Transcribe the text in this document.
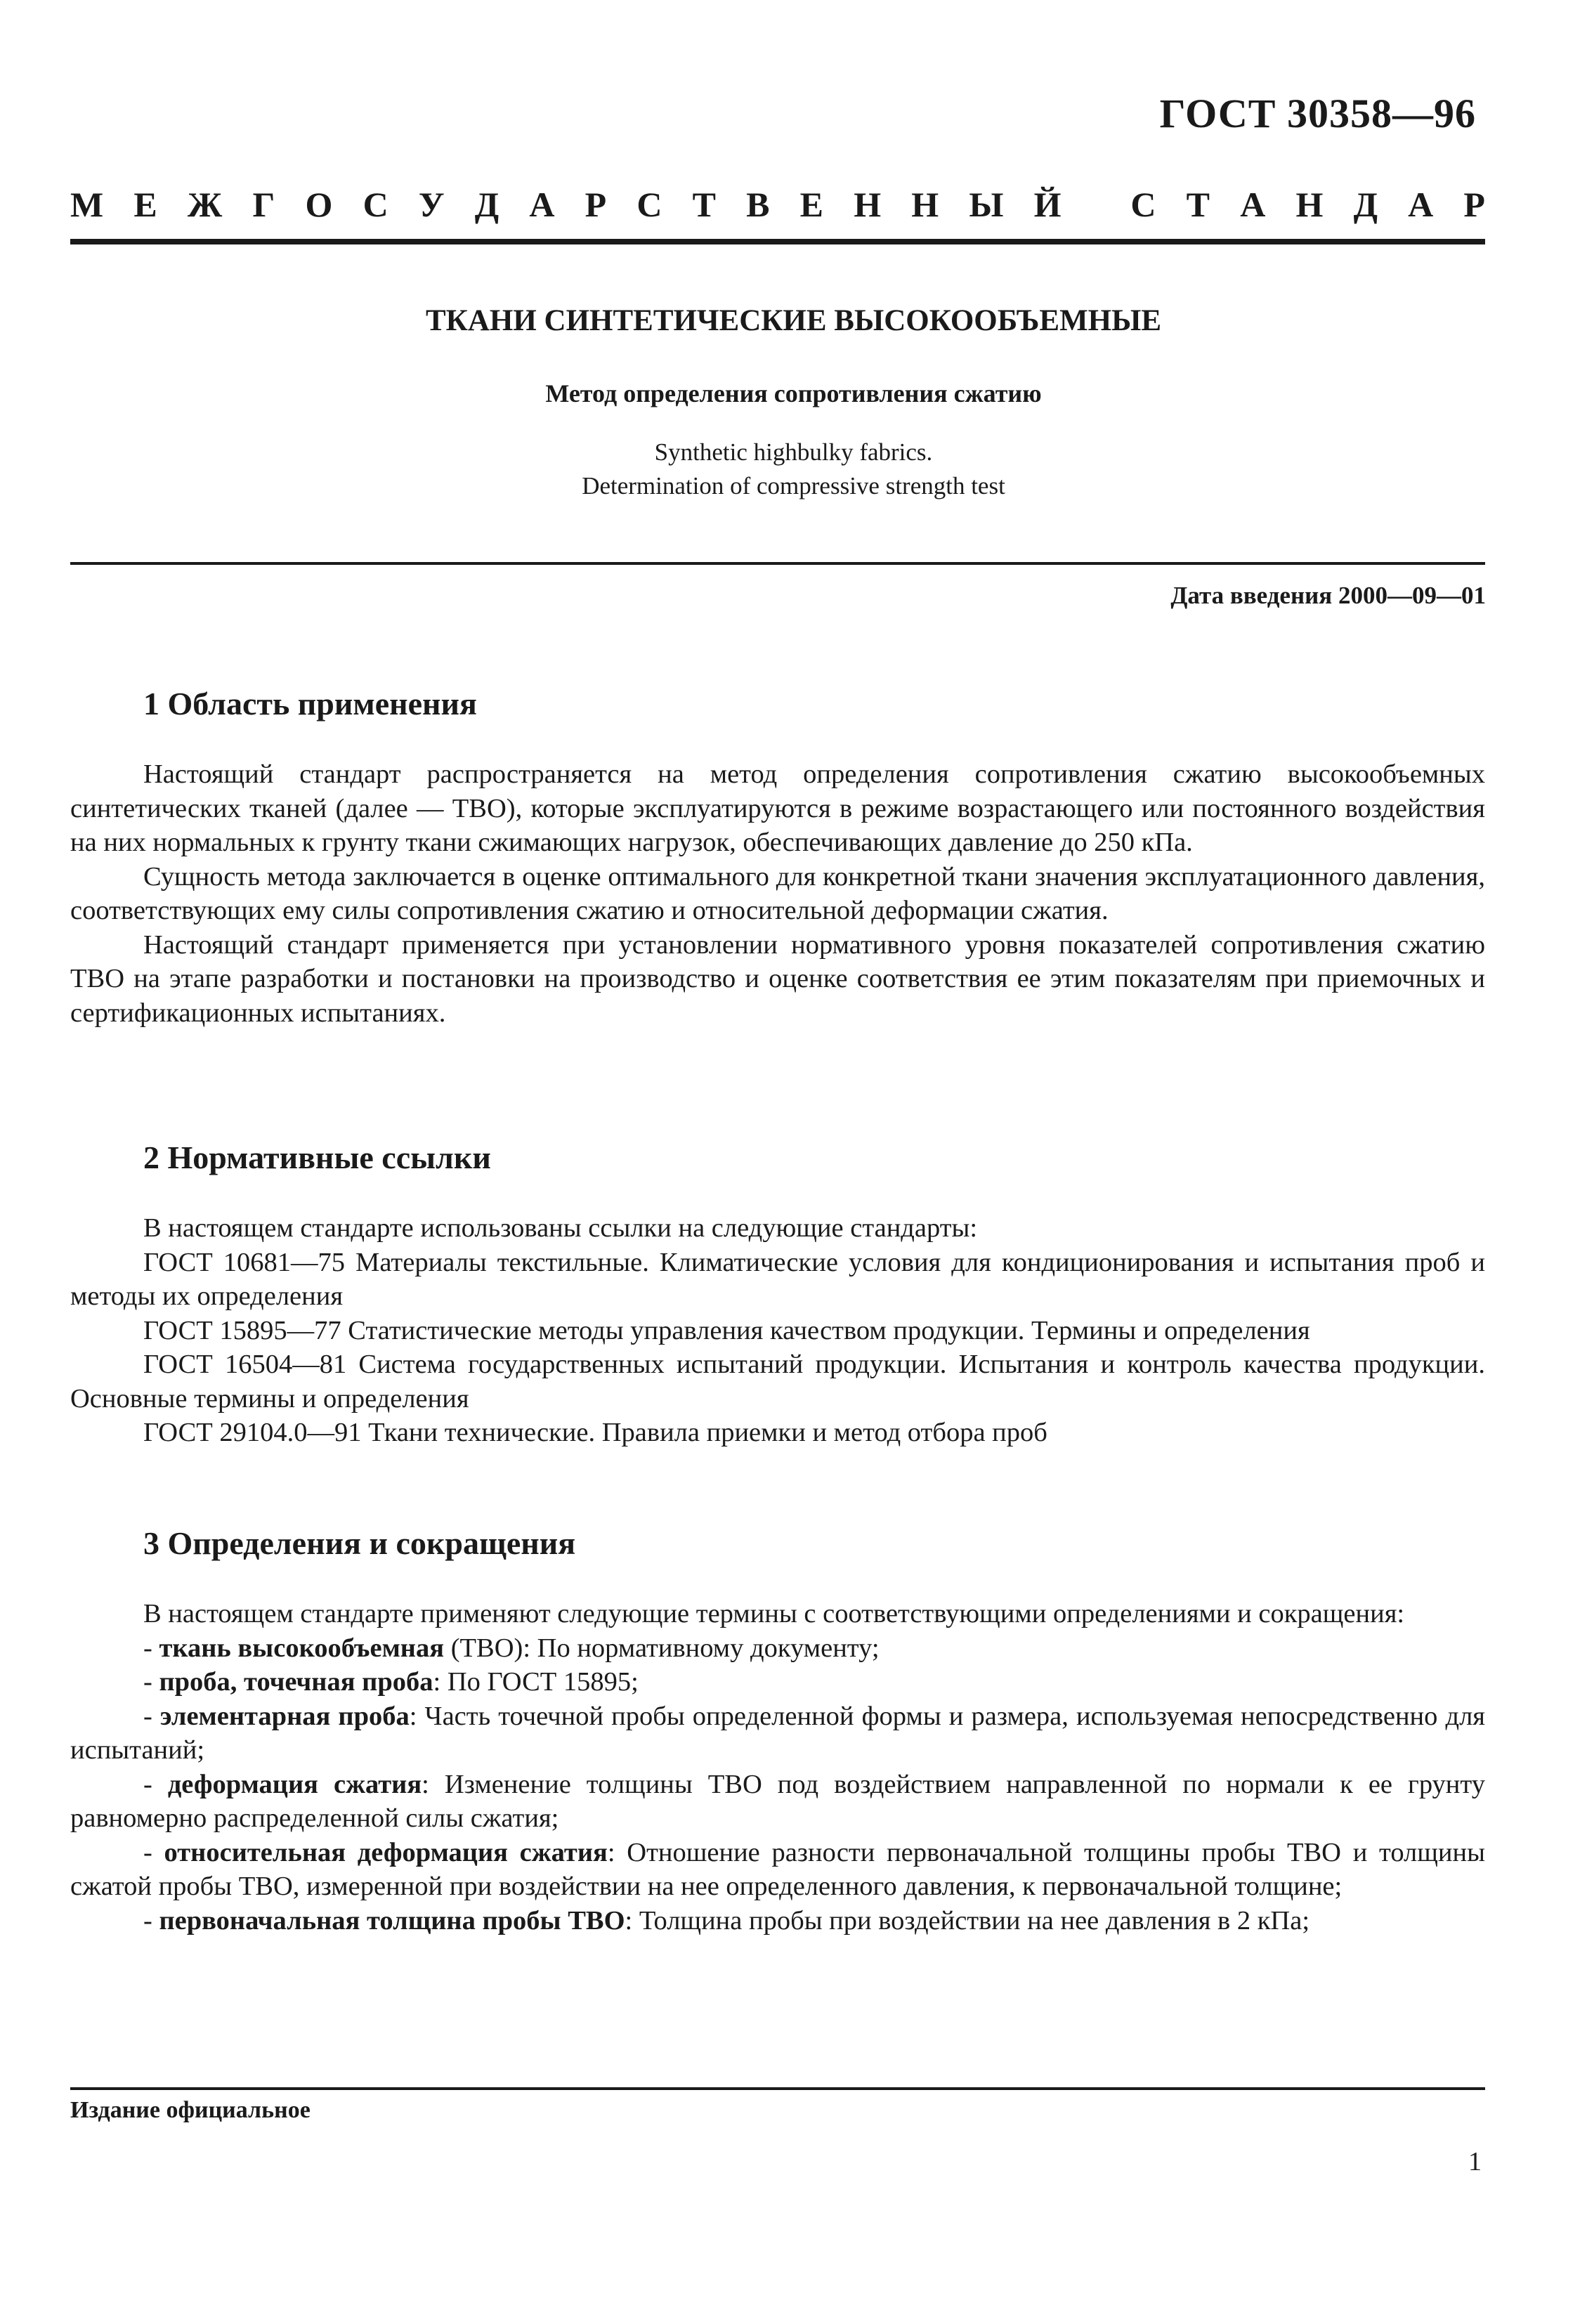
ГОСТ 30358—96
М Е Ж Г О С У Д А Р С Т В Е Н Н Ы Й
С Т А Н Д А Р
ТКАНИ СИНТЕТИЧЕСКИЕ ВЫСОКООБЪЕМНЫЕ
Метод определения сопротивления сжатию
Synthetic highbulky fabrics.
Determination of compressive strength test
Дата введения 2000—09—01
1 Область применения

Настоящий стандарт распространяется на метод определения сопротивления сжатию высокообъемных синтетических тканей (далее — ТВО), которые эксплуатируются в режиме возрастающего или постоянного воздействия на них нормальных к грунту ткани сжимающих нагрузок, обеспечивающих давление до 250 кПа.

Сущность метода заключается в оценке оптимального для конкретной ткани значения эксплуатационного давления, соответствующих ему силы сопротивления сжатию и относительной деформации сжатия.

Настоящий стандарт применяется при установлении нормативного уровня показателей сопротивления сжатию ТВО на этапе разработки и постановки на производство и оценке соответствия ее этим показателям при приемочных и сертификационных испытаниях.

2 Нормативные ссылки

В настоящем стандарте использованы ссылки на следующие стандарты:

ГОСТ 10681—75 Материалы текстильные. Климатические условия для кондиционирования и испытания проб и методы их определения

ГОСТ 15895—77 Статистические методы управления качеством продукции. Термины и определения

ГОСТ 16504—81 Система государственных испытаний продукции. Испытания и контроль качества продукции. Основные термины и определения

ГОСТ 29104.0—91 Ткани технические. Правила приемки и метод отбора проб

3 Определения и сокращения

В настоящем стандарте применяют следующие термины с соответствующими определениями и сокращения:

- ткань высокообъемная (ТВО): По нормативному документу;

- проба, точечная проба: По ГОСТ 15895;

- элементарная проба: Часть точечной пробы определенной формы и размера, используемая непосредственно для испытаний;

- деформация сжатия: Изменение толщины ТВО под воздействием направленной по нормали к ее грунту равномерно распределенной силы сжатия;

- относительная деформация сжатия: Отношение разности первоначальной толщины пробы ТВО и толщины сжатой пробы ТВО, измеренной при воздействии на нее определенного давления, к первоначальной толщине;

- первоначальная толщина пробы ТВО: Толщина пробы при воздействии на нее давления в 2 кПа;

Издание официальное
1
